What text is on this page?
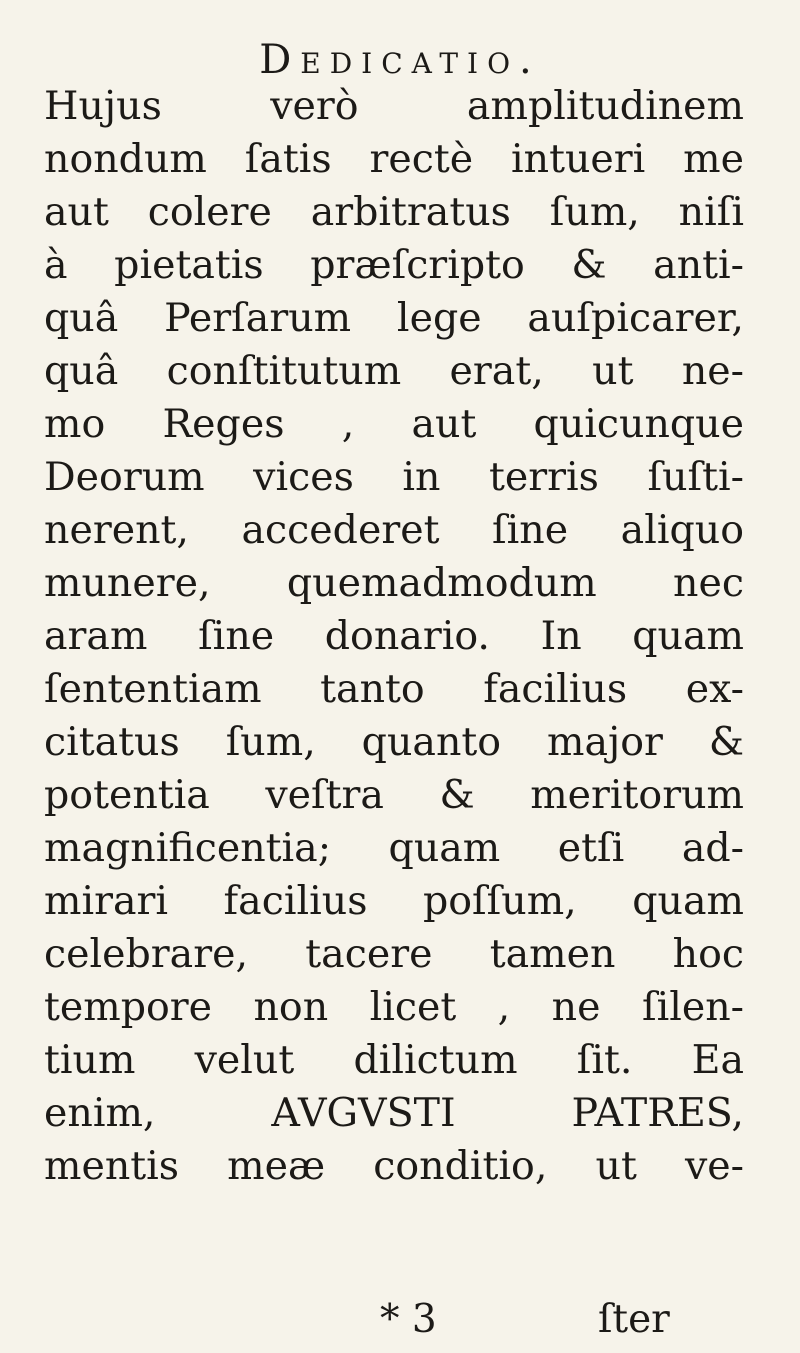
Dedicatio.
Hujus verò amplitudinem
nondum ſatis rectè intueri me
aut colere arbitratus ſum, niſi
à pietatis præſcripto & anti-
quâ Perſarum lege auſpicarer,
quâ conſtitutum erat, ut ne-
mo Reges , aut quicunque
Deorum vices in terris ſuſti-
nerent, accederet ſine aliquo
munere, quemadmodum nec
aram ſine donario. In quam
ſententiam tanto facilius ex-
citatus ſum, quanto major &
potentia veſtra & meritorum
magnificentia; quam etſi ad-
mirari facilius poſſum, quam
celebrare, tacere tamen hoc
tempore non licet , ne ſilen-
tium velut dilictum ſit. Ea
enim, AVGVSTI PATRES,
mentis meæ conditio, ut ve-
* 3	ſter
